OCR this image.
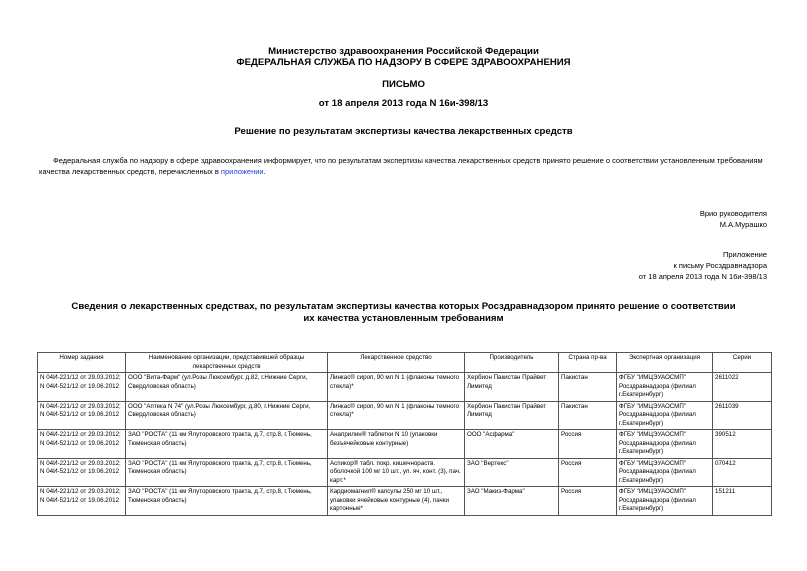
Министерство здравоохранения Российской Федерации
ФЕДЕРАЛЬНАЯ СЛУЖБА ПО НАДЗОРУ В СФЕРЕ ЗДРАВООХРАНЕНИЯ
ПИСЬМО
от 18 апреля 2013 года N 16и-398/13
Решение по результатам экспертизы качества лекарственных средств
Федеральная служба по надзору в сфере здравоохранения информирует, что по результатам экспертизы качества лекарственных средств принято решение о соответствии установленным требованиям качества лекарственных средств, перечисленных в приложении.
Врио руководителя
М.А.Мурашко
Приложение
к письму Росздравнадзора
от 18 апреля 2013 года N 16и-398/13
Сведения о лекарственных средствах, по результатам экспертизы качества которых Росздравнадзором принято решение о соответствии их качества установленным требованиям
Номер задания	Наименование организации, представившей образцы лекарственных средств	Лекарственное средство	Производитель	Страна пр-ва	Экспертная организация	Серии
N 04И-221/12 от 29.03.2012; N 04И-521/12 от 19.06.2012	ООО "Вита-Фарм" (ул.Розы Люксембург, д.82, г.Нижние Серги, Свердловская область)	Линкас® сироп, 90 мл N 1 (флаконы темного стекла)*	Хербион Пакистан Прайвет Лимитед	Пакистан	ФГБУ "ИМЦЭУАОСМП" Росздравнадзора (филиал г.Екатеринбург)	2611022
N 04И-221/12 от 29.03.2012; N 04И-521/12 от 19.06.2012	ООО "Аптека N 74" (ул.Розы Люксембург, д.80, г.Нижние Серги, Свердловская область)	Линкас® сироп, 90 мл N 1 (флаконы темного стекла)*	Хербион Пакистан Прайвет Лимитед	Пакистан	ФГБУ "ИМЦЭУАОСМП" Росздравнадзора (филиал г.Екатеринбург)	2611039
N 04И-221/12 от 29.03.2012; N 04И-521/12 от 19.06.2012	ЗАО "РОСТА" (11 км Ялуторовского тракта, д.7, стр.8, г.Тюмень, Тюменская область)	Анаприлин® таблетки N 10 (упаковки безъячейковые контурные)	ООО "Асфарма"	Россия	ФГБУ "ИМЦЭУАОСМП" Росздравнадзора (филиал г.Екатеринбург)	390512
N 04И-221/12 от 29.03.2012; N 04И-521/12 от 19.06.2012	ЗАО "РОСТА" (11 км Ялуторовского тракта, д.7, стр.8, г.Тюмень, Тюменская область)	Аспикор® табл. покр. кишечнораств. оболочкой 100 мг 10 шт., уп. яч. конт. (3), пач. карт.*	ЗАО "Вертекс"	Россия	ФГБУ "ИМЦЭУАОСМП" Росздравнадзора (филиал г.Екатеринбург)	070412
N 04И-221/12 от 29.03.2012; N 04И-521/12 от 19.06.2012	ЗАО "РОСТА" (11 км Ялуторовского тракта, д.7, стр.8, г.Тюмень, Тюменская область)	Кардиомагнил® капсулы 250 мг 10 шт., упаковки ячейковые контурные (4), пачки картонные*	ЗАО "Макиз-Фарма"	Россия	ФГБУ "ИМЦЭУАОСМП" Росздравнадзора (филиал г.Екатеринбург)	151211
